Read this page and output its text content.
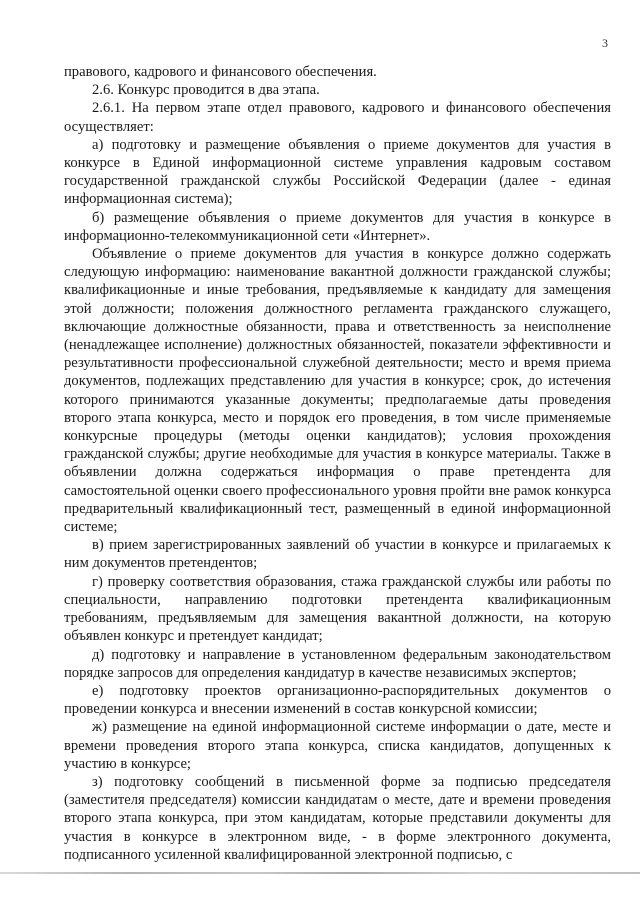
3

правового, кадрового и финансового обеспечения.

2.6. Конкурс проводится в два этапа.

2.6.1. На первом этапе отдел правового, кадрового и финансового обеспечения осуществляет:

а) подготовку и размещение объявления о приеме документов для участия в конкурсе в Единой информационной системе управления кадровым составом государственной гражданской службы Российской Федерации (далее - единая информационная система);

б) размещение объявления о приеме документов для участия в конкурсе в информационно-телекоммуникационной сети «Интернет».

Объявление о приеме документов для участия в конкурсе должно содержать следующую информацию: наименование вакантной должности гражданской службы; квалификационные и иные требования, предъявляемые к кандидату для замещения этой должности; положения должностного регламента гражданского служащего, включающие должностные обязанности, права и ответственность за неисполнение (ненадлежащее исполнение) должностных обязанностей, показатели эффективности и результативности профессиональной служебной деятельности; место и время приема документов, подлежащих представлению для участия в конкурсе; срок, до истечения которого принимаются указанные документы; предполагаемые даты проведения второго этапа конкурса, место и порядок его проведения, в том числе применяемые конкурсные процедуры (методы оценки кандидатов); условия прохождения гражданской службы; другие необходимые для участия в конкурсе материалы. Также в объявлении должна содержаться информация о праве претендента для самостоятельной оценки своего профессионального уровня пройти вне рамок конкурса предварительный квалификационный тест, размещенный в единой информационной системе;

в) прием зарегистрированных заявлений об участии в конкурсе и прилагаемых к ним документов претендентов;

г) проверку соответствия образования, стажа гражданской службы или работы по специальности, направлению подготовки претендента квалификационным требованиям, предъявляемым для замещения вакантной должности, на которую объявлен конкурс и претендует кандидат;

д) подготовку и направление в установленном федеральным законодательством порядке запросов для определения кандидатур в качестве независимых экспертов;

е) подготовку проектов организационно-распорядительных документов о проведении конкурса и внесении изменений в состав конкурсной комиссии;

ж) размещение на единой информационной системе информации о дате, месте и времени проведения второго этапа конкурса, списка кандидатов, допущенных к участию в конкурсе;

з) подготовку сообщений в письменной форме за подписью председателя (заместителя председателя) комиссии кандидатам о месте, дате и времени проведения второго этапа конкурса, при этом кандидатам, которые представили документы для участия в конкурсе в электронном виде, - в форме электронного документа, подписанного усиленной квалифицированной электронной подписью, с
